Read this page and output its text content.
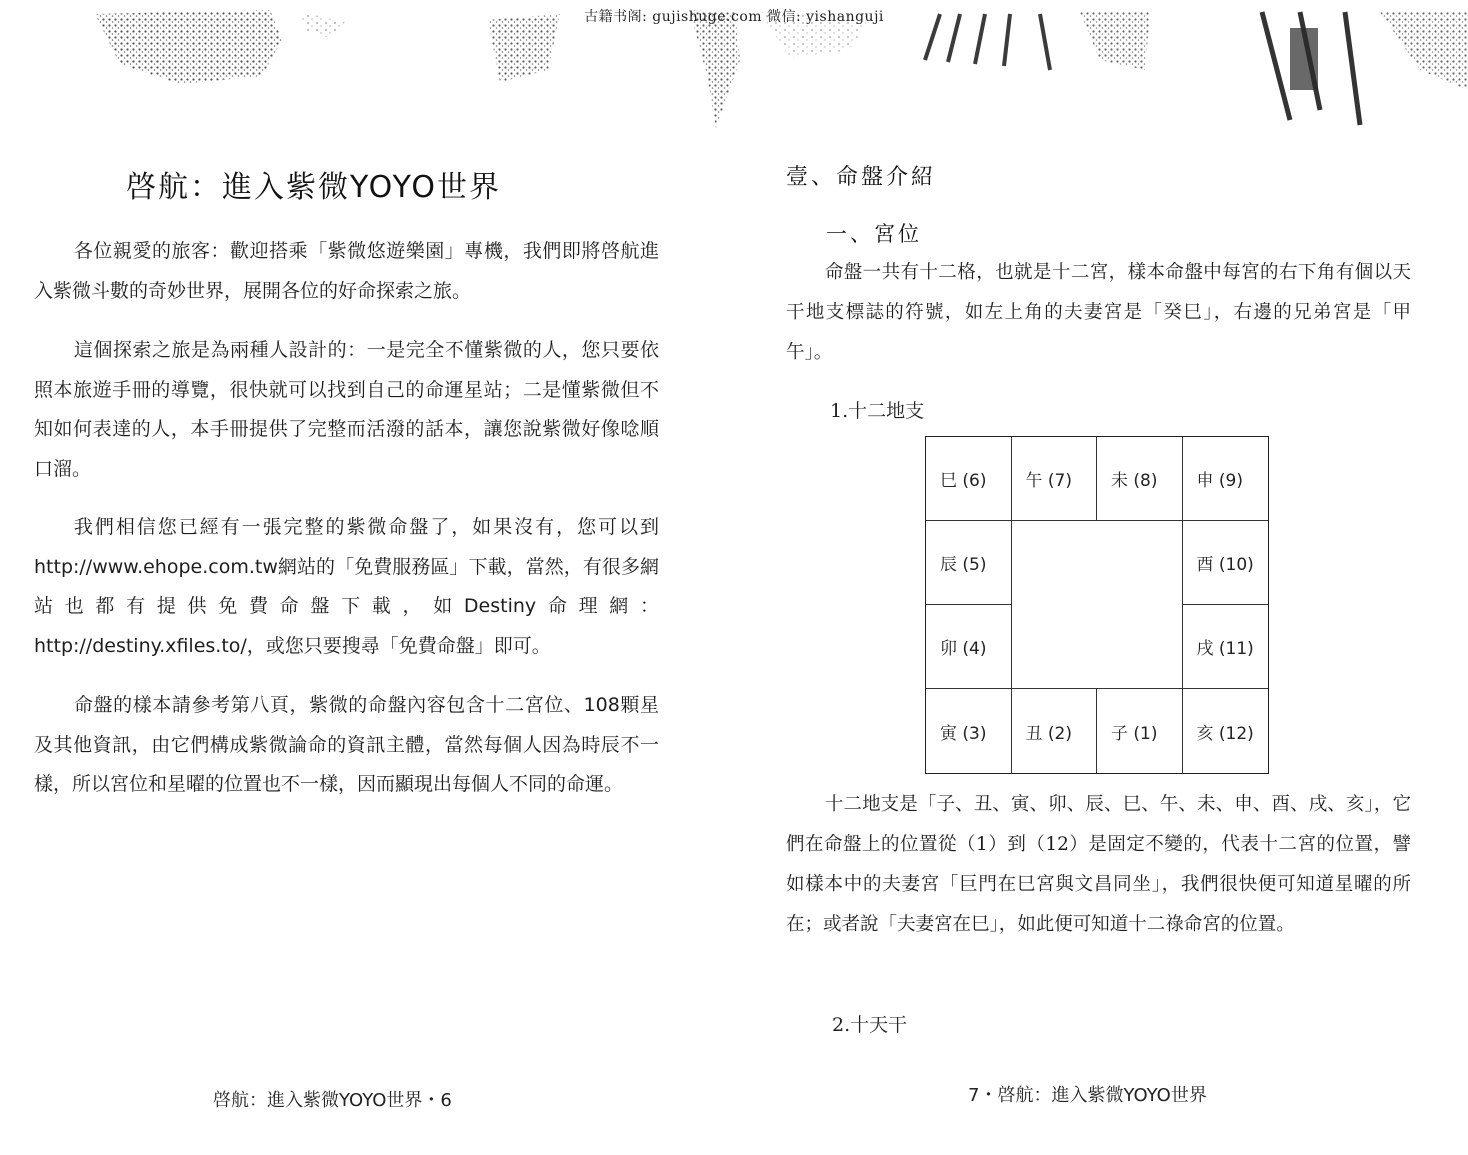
古籍书阁: gujishuge.com 微信: yishanguji
啓航：進入紫微YOYO世界

各位親愛的旅客：歡迎搭乘「紫微悠遊樂園」專機，我們即將啓航進入紫微斗數的奇妙世界，展開各位的好命探索之旅。

這個探索之旅是為兩種人設計的：一是完全不懂紫微的人，您只要依照本旅遊手冊的導覽，很快就可以找到自己的命運星站；二是懂紫微但不知如何表達的人，本手冊提供了完整而活潑的話本，讓您說紫微好像唸順口溜。

我們相信您已經有一張完整的紫微命盤了，如果沒有，您可以到http://www.ehope.com.tw網站的「免費服務區」下載，當然，有很多網站也都有提供免費命盤下載，如Destiny命理網：http://destiny.xfiles.to/，或您只要搜尋「免費命盤」即可。

命盤的樣本請參考第八頁，紫微的命盤內容包含十二宮位、108顆星及其他資訊，由它們構成紫微論命的資訊主體，當然每個人因為時辰不一樣，所以宮位和星曜的位置也不一樣，因而顯現出每個人不同的命運。

啓航：進入紫微YOYO世界・6
壹、命盤介紹
一、宮位

命盤一共有十二格，也就是十二宮，樣本命盤中每宮的右下角有個以天干地支標誌的符號，如左上角的夫妻宮是「癸巳」，右邊的兄弟宮是「甲午」。

1.十二地支
巳 (6)	午 (7)	未 (8)	申 (9)
辰 (5)	酉 (10)
卯 (4)	戌 (11)
寅 (3)	丑 (2)	子 (1)	亥 (12)

十二地支是「子、丑、寅、卯、辰、巳、午、未、申、酉、戌、亥」，它們在命盤上的位置從（1）到（12）是固定不變的，代表十二宮的位置，譬如樣本中的夫妻宮「巨門在巳宮與文昌同坐」，我們很快便可知道星曜的所在；或者說「夫妻宮在巳」，如此便可知道十二祿命宮的位置。

2.十天干
7・啓航：進入紫微YOYO世界
